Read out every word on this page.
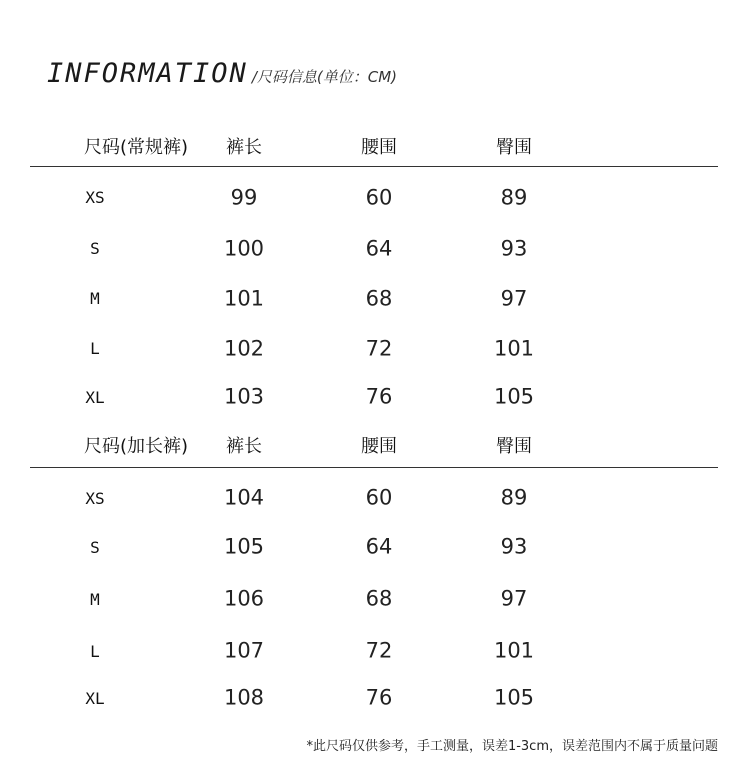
INFORMATION /尺码信息(单位：CM)
尺码(常规裤) 裤长	腰围	臀围
XS	99	60	89
S	100	64	93
M	101	68	97
L	102	72	101
XL	103	76	105
尺码(加长裤) 裤长	腰围	臀围
XS	104	60	89
S	105	64	93
M	106	68	97
L	107	72	101
XL	108	76	105
*此尺码仅供参考，手工测量，误差1-3cm，误差范围内不属于质量问题
